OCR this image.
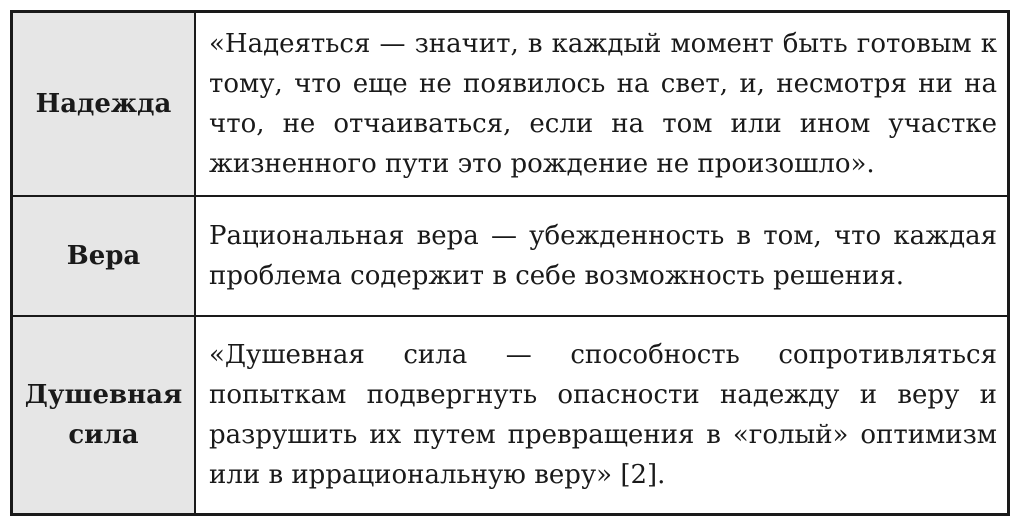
Надежда
«Надеяться — значит, в каждый момент быть готовым к тому, что еще не появилось на свет, и, несмотря ни на что, не отчаиваться, если на том или ином участке жизненного пути это рождение не произошло».
Вера
Рациональная вера — убежденность в том, что каждая проблема содержит в себе возможность решения.
Душевная сила
«Душевная сила — способность сопротивляться попыткам подвергнуть опасности надежду и веру и разрушить их путем превращения в «голый» оптимизм или в иррациональную веру» [2].
